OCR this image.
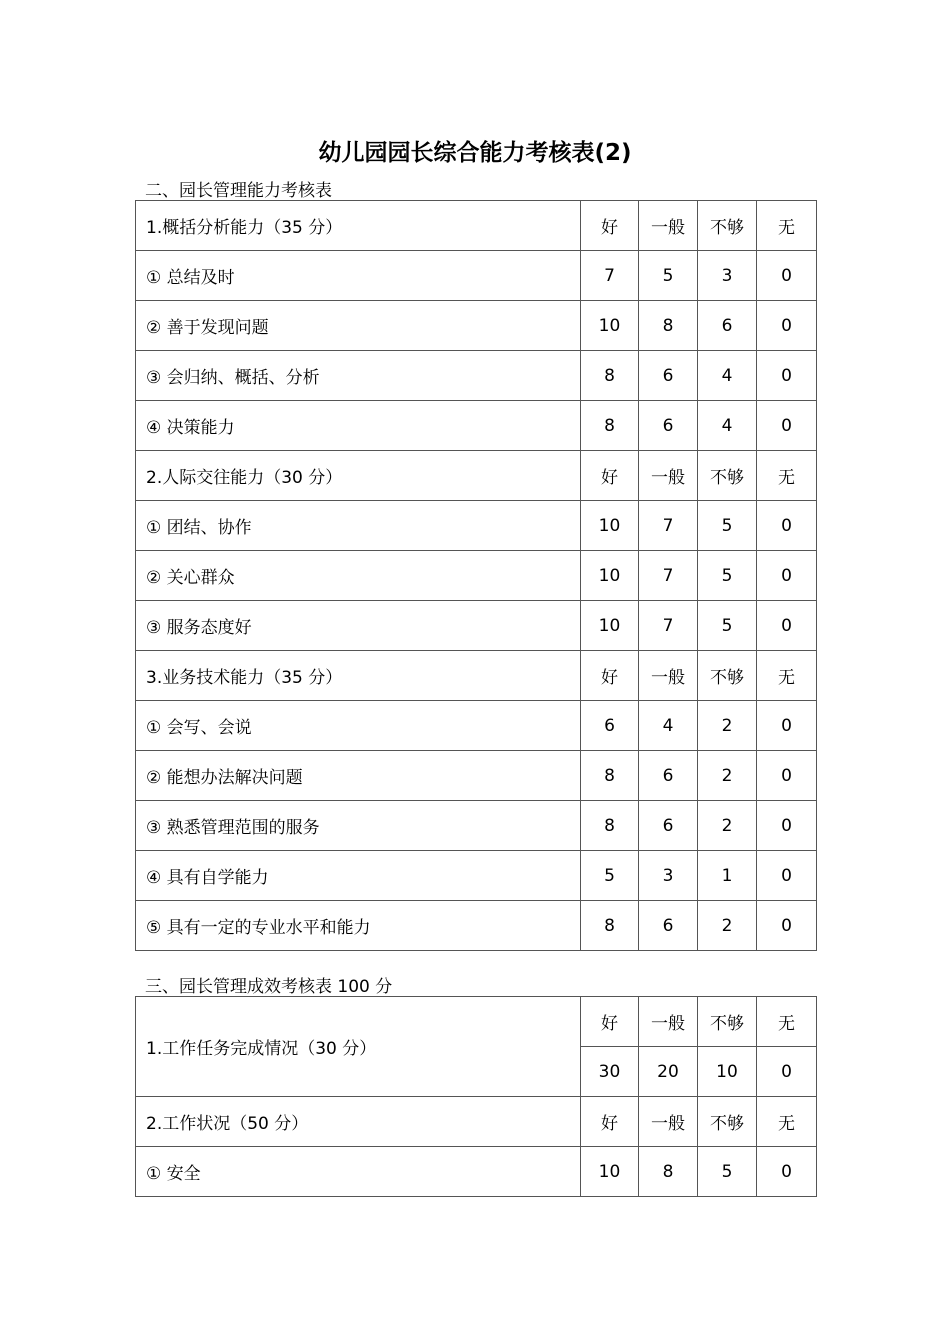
幼儿园园长综合能力考核表(2)
二、园长管理能力考核表
1.概括分析能力（35 分）	好	一般	不够	无
① 总结及时	7	5	3	0
② 善于发现问题	10	8	6	0
③ 会归纳、概括、分析	8	6	4	0
④ 决策能力	8	6	4	0
2.人际交往能力（30 分）	好	一般	不够	无
① 团结、协作	10	7	5	0
② 关心群众	10	7	5	0
③ 服务态度好	10	7	5	0
3.业务技术能力（35 分）	好	一般	不够	无
① 会写、会说	6	4	2	0
② 能想办法解决问题	8	6	2	0
③ 熟悉管理范围的服务	8	6	2	0
④ 具有自学能力	5	3	1	0
⑤ 具有一定的专业水平和能力	8	6	2	0
三、园长管理成效考核表 100 分
1.工作任务完成情况（30 分）	好	一般	不够	无
	30	20	10	0
2.工作状况（50 分）	好	一般	不够	无
① 安全	10	8	5	0
